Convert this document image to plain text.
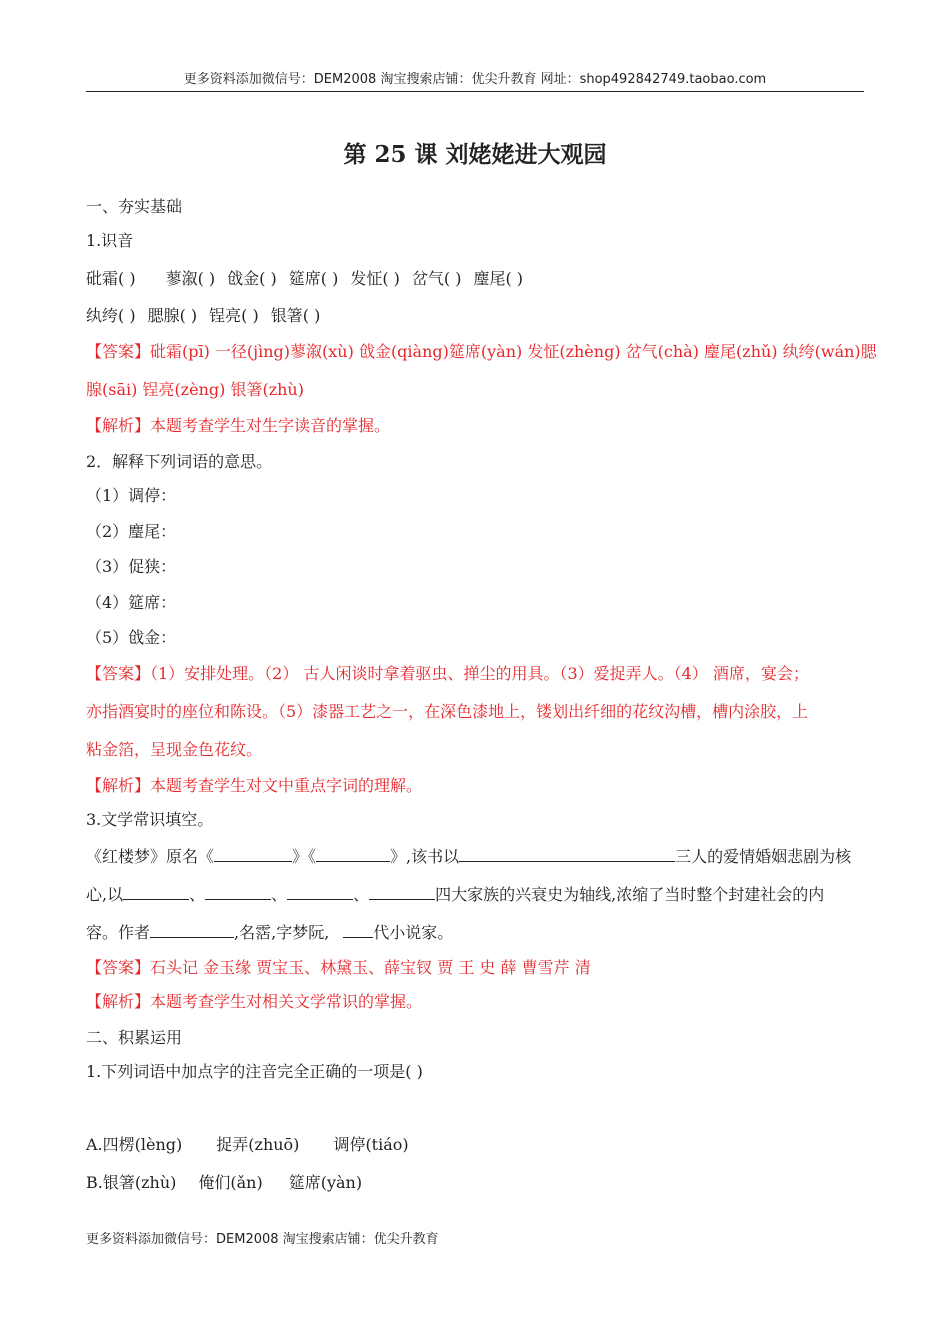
更多资料添加微信号：DEM2008 淘宝搜索店铺：优尖升教育 网址：shop492842749.taobao.com
第 25 课 刘姥姥进大观园
一、夯实基础
1.识音
砒霜( ) 蓼溆( ) 戗金( ) 筵席( ) 发怔( ) 岔气( ) 麈尾( )
纨绔( ) 腮腺( ) 锃亮( ) 银箸( )
【答案】砒霜(pī) 一径(jìng)蓼溆(xù) 戗金(qiàng)筵席(yàn) 发怔(zhèng) 岔气(chà) 麈尾(zhǔ) 纨绔(wán)腮
腺(sāi) 锃亮(zèng) 银箸(zhù)
【解析】本题考查学生对生字读音的掌握。
2．解释下列词语的意思。
（1）调停：
（2）麈尾：
（3）促狭：
（4）筵席：
（5）戗金：
【答案】（1）安排处理。（2） 古人闲谈时拿着驱虫、掸尘的用具。（3）爱捉弄人。（4） 酒席，宴会；
亦指酒宴时的座位和陈设。（5）漆器工艺之一，在深色漆地上，镂划出纤细的花纹沟槽，槽内涂胶，上
粘金箔，呈现金色花纹。
【解析】本题考查学生对文中重点字词的理解。
3.文学常识填空。
《红楼梦》原名《	》《	》,该书以	三人的爱情婚姻悲剧为核
心,以	、	、	、	四大家族的兴衰史为轴线,浓缩了当时整个封建社会的内
容。作者	,名霑,字梦阮,	代小说家。
【答案】石头记 金玉缘 贾宝玉、林黛玉、薛宝钗 贾 王 史 薛 曹雪芹 清
【解析】本题考查学生对相关文学常识的掌握。
二、积累运用
1.下列词语中加点字的注音完全正确的一项是( )
A.四楞(lèng) 捉弄(zhuō) 调停(tiáo)
B.银箸(zhù) 俺们(ǎn) 筵席(yàn)
更多资料添加微信号：DEM2008 淘宝搜索店铺：优尖升教育
